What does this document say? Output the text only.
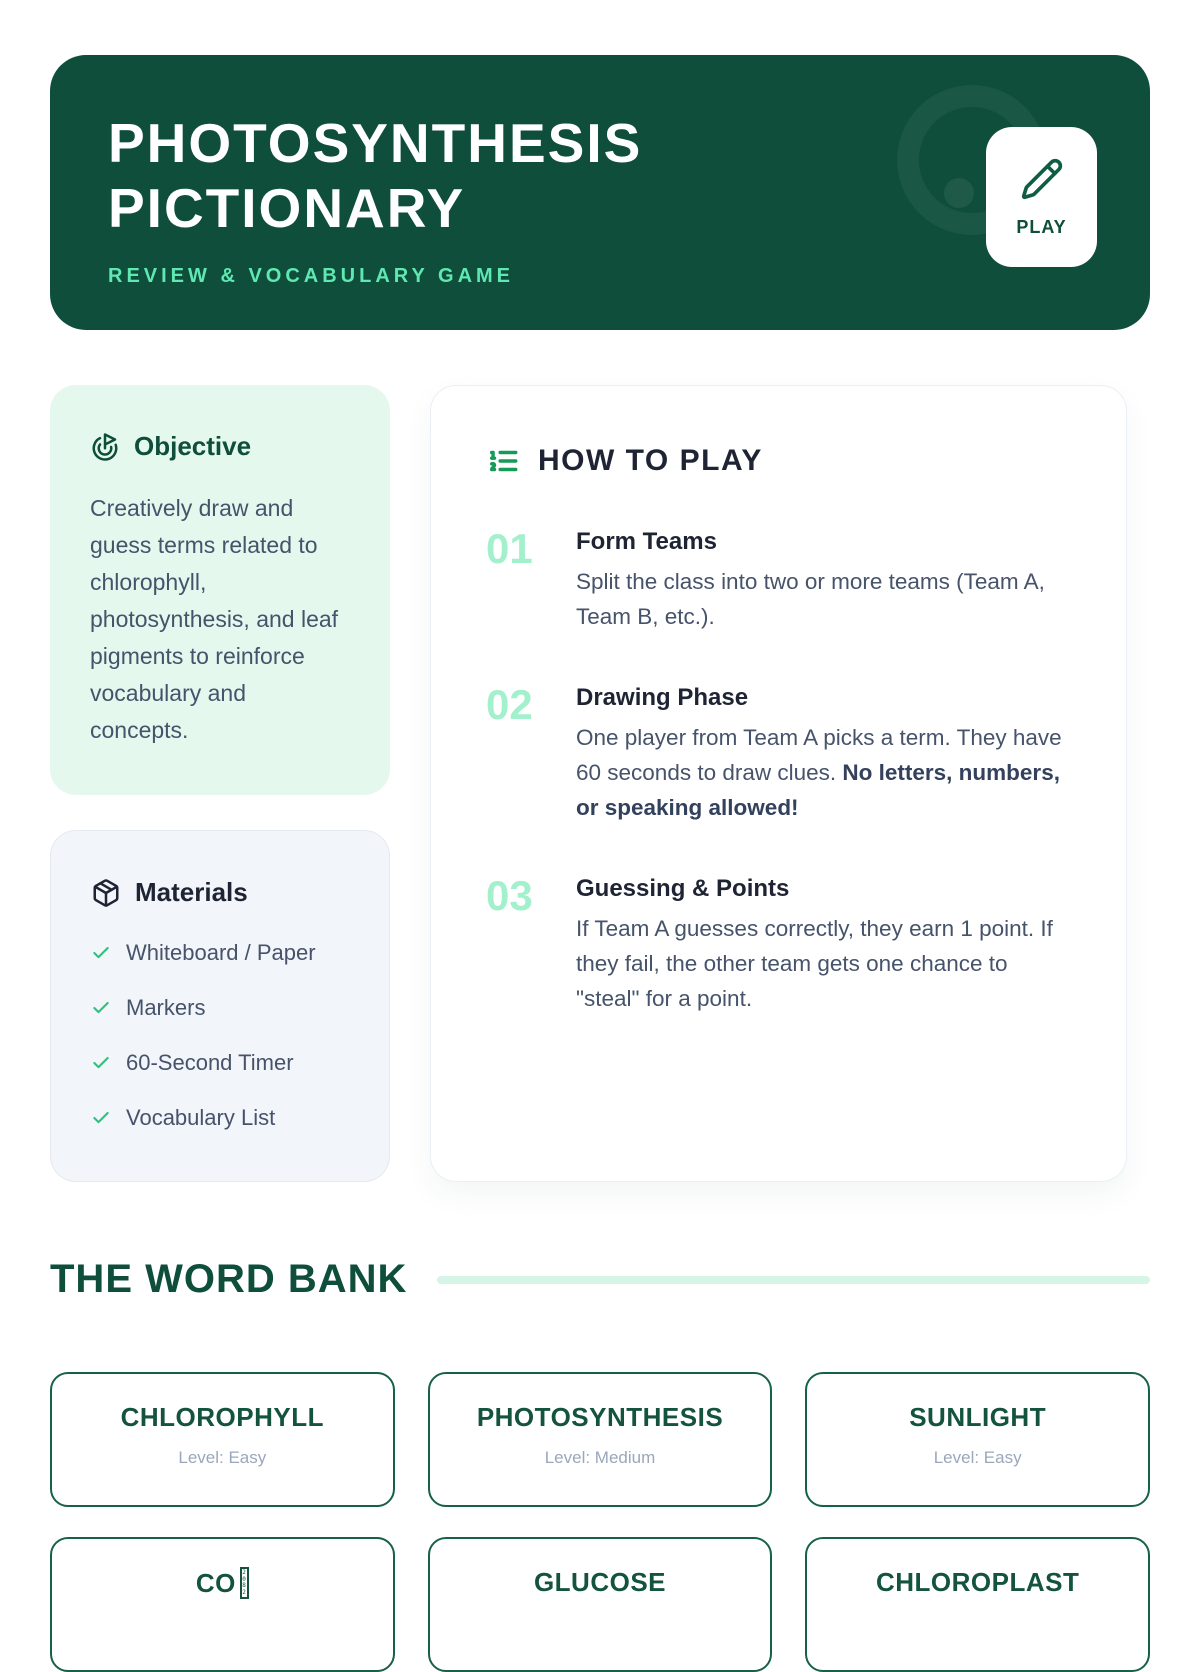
PHOTOSYNTHESIS
PICTIONARY
REVIEW & VOCABULARY GAME
PLAY
Objective

Creatively draw and guess terms related to chlorophyll, photosynthesis, and leaf pigments to reinforce vocabulary and concepts.

Materials
Whiteboard / Paper
Markers
60-Second Timer
Vocabulary List
HOW TO PLAY
01	Form Teams

Split the class into two or more teams (Team A, Team B, etc.).

02	Drawing Phase

One player from Team A picks a term. They have 60 seconds to draw clues. No letters, numbers, or speaking allowed!

03	Guessing & Points

If Team A guesses correctly, they earn 1 point. If they fail, the other team gets one chance to "steal" for a point.

THE WORD BANK
CHLOROPHYLL
Level: Easy
PHOTOSYNTHESIS
Level: Medium
SUNLIGHT
Level: Easy
CO	2082	GLUCOSE	CHLOROPLAST
